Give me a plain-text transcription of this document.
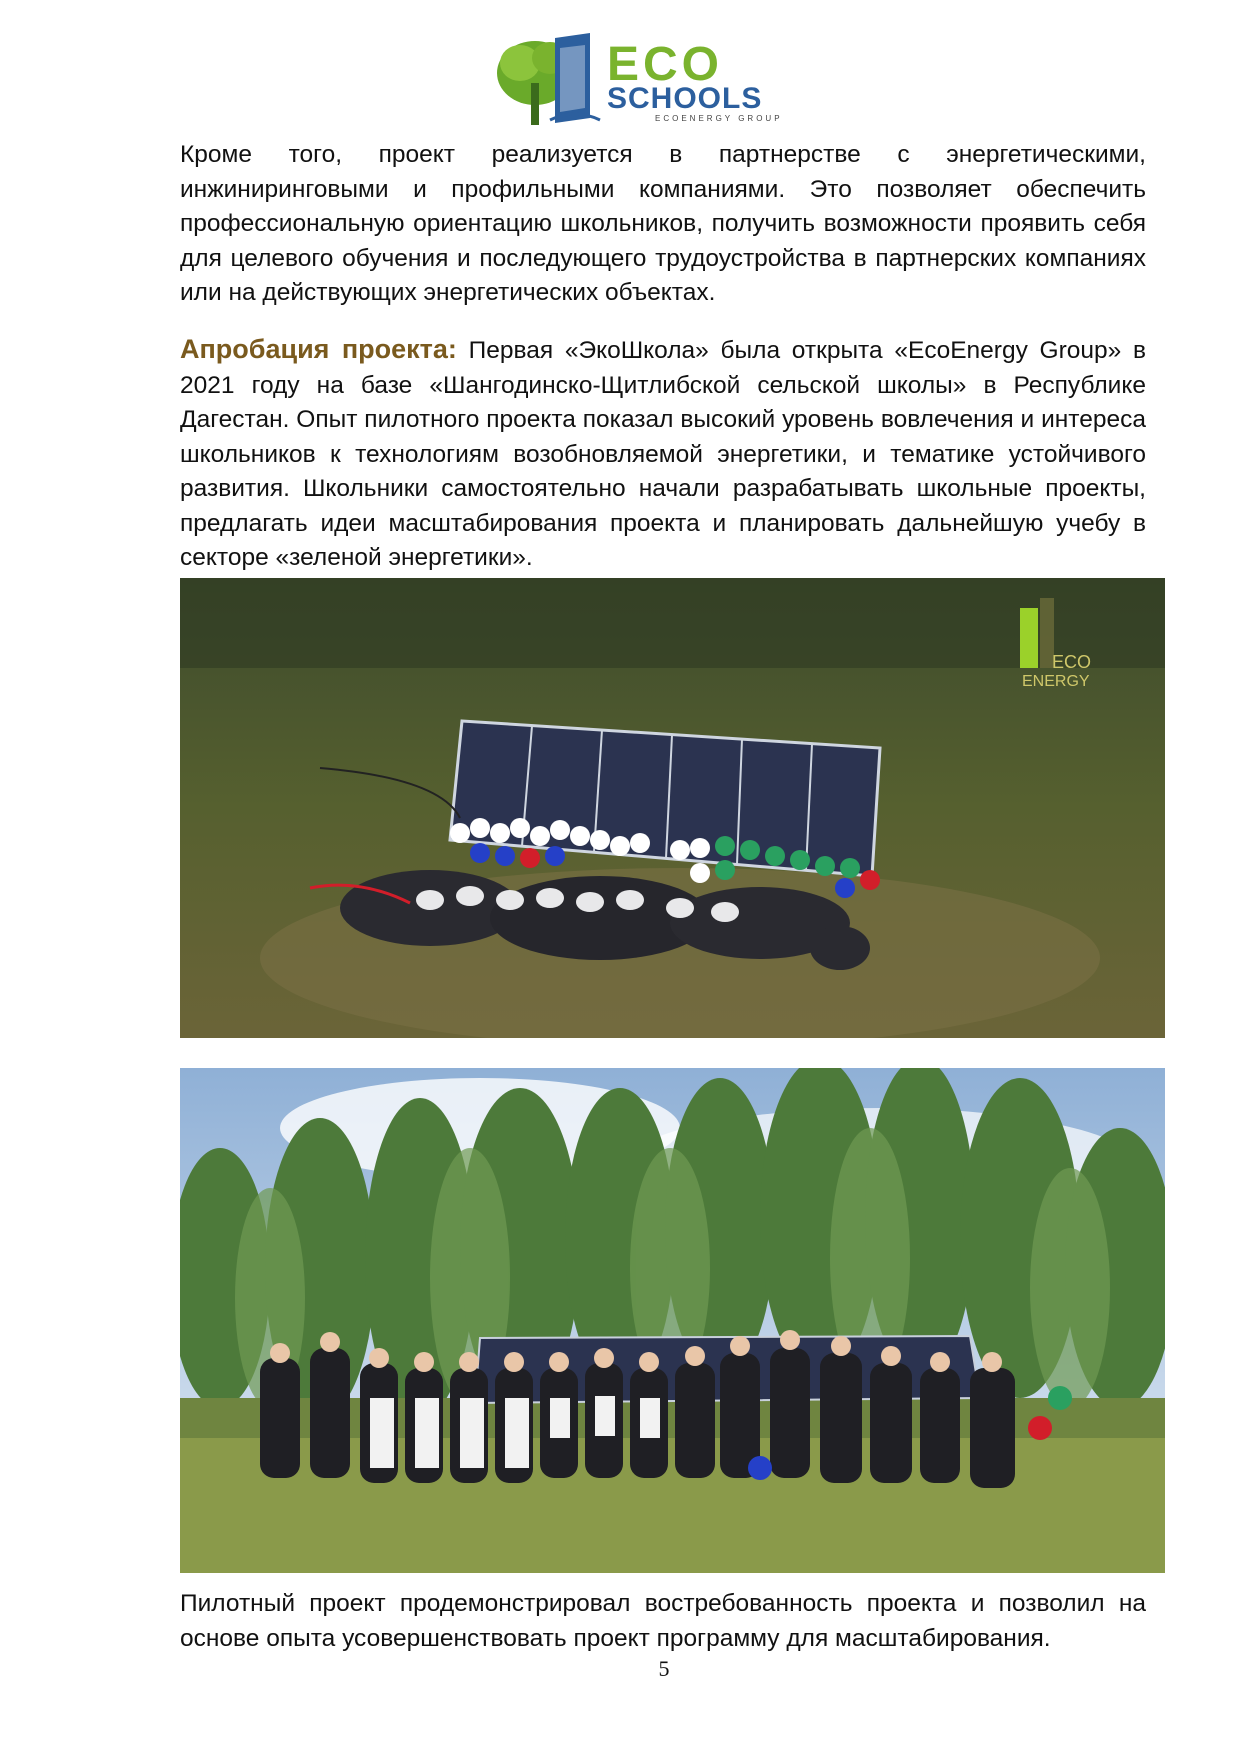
ECO
SCHOOLS
ECOENERGY GROUP

Кроме того, проект реализуется в партнерстве с энергетическими, инжиниринговыми и профильными компаниями. Это позволяет обеспечить профессиональную ориентацию школьников, получить возможности проявить себя для целевого обучения и последующего трудоустройства в партнерских компаниях или на действующих энергетических объектах.

Апробация проекта: Первая «ЭкоШкола» была открыта «EcoEnergy Group» в 2021 году на базе «Шангодинско-Щитлибской сельской школы» в Республике Дагестан. Опыт пилотного проекта показал высокий уровень вовлечения и интереса школьников к технологиям возобновляемой энергетики, и тематике устойчивого развития. Школьники самостоятельно начали разрабатывать школьные проекты, предлагать идеи масштабирования проекта и планировать дальнейшую учебу в секторе «зеленой энергетики».

ECO
ENERGY

Пилотный проект продемонстрировал востребованность проекта и позволил на основе опыта усовершенствовать проект программу для масштабирования.

5
